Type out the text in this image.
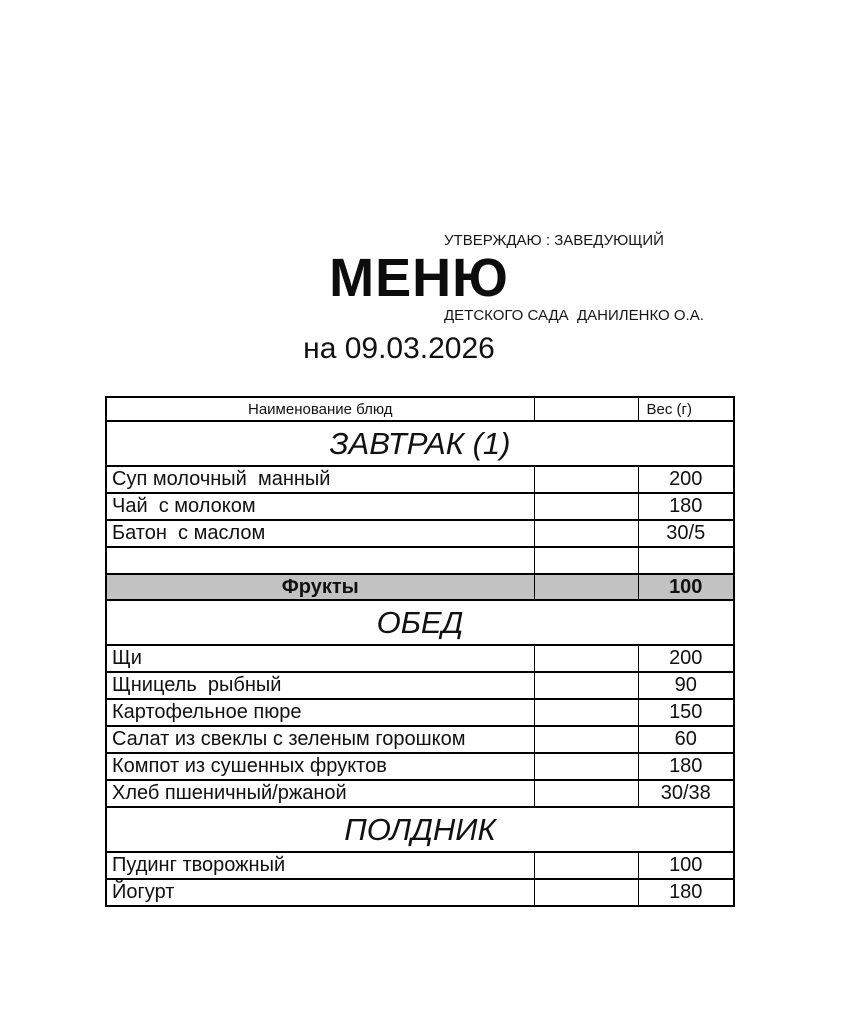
УТВЕРЖДАЮ : ЗАВЕДУЮЩИЙ

ДЕТСКОГО САДА  ДАНИЛЕНКО О.А.

МЕНЮ
на 09.03.2026
Наименование блюд		Вес (г)
ЗАВТРАК (1)		
Суп молочный  манный		200
Чай  с молоком		180
Батон  с маслом		30/5

Фрукты		100
ОБЕД		
Щи		200
Щницель  рыбный		90
Картофельное пюре		150
Салат из свеклы с зеленым горошком		60
Компот из сушенных фруктов		180
Хлеб пшеничный/ржаной		30/38
ПОЛДНИК		
Пудинг творожный		100
Йогурт		180
